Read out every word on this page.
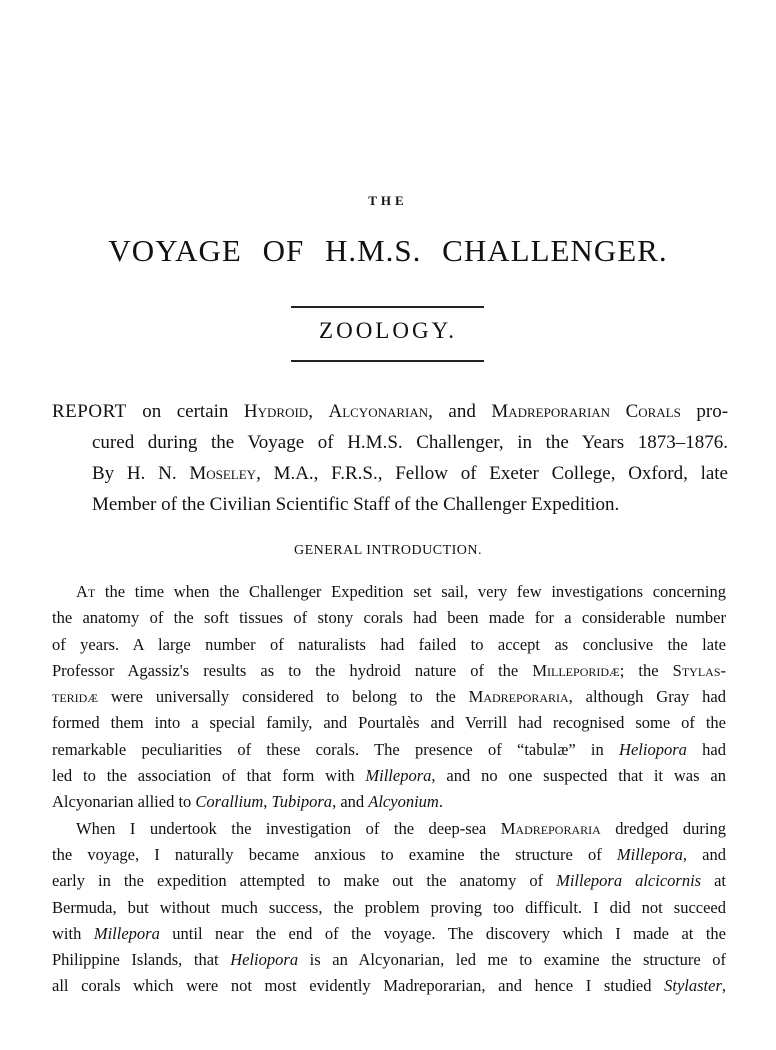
THE
VOYAGE OF H.M.S. CHALLENGER.
ZOOLOGY.
REPORT on certain Hydroid, Alcyonarian, and Madreporarian Corals pro-
cured during the Voyage of H.M.S. Challenger, in the Years 1873–1876.
By H. N. Moseley, M.A., F.R.S., Fellow of Exeter College, Oxford, late
Member of the Civilian Scientific Staff of the Challenger Expedition.
GENERAL INTRODUCTION.
At the time when the Challenger Expedition set sail, very few investigations concerning
the anatomy of the soft tissues of stony corals had been made for a considerable number
of years. A large number of naturalists had failed to accept as conclusive the late
Professor Agassiz's results as to the hydroid nature of the Milleporidæ; the Stylas-
teridæ were universally considered to belong to the Madreporaria, although Gray had
formed them into a special family, and Pourtalès and Verrill had recognised some of the
remarkable peculiarities of these corals. The presence of “tabulæ” in Heliopora had
led to the association of that form with Millepora, and no one suspected that it was an
Alcyonarian allied to Corallium, Tubipora, and Alcyonium.
When I undertook the investigation of the deep-sea Madreporaria dredged during
the voyage, I naturally became anxious to examine the structure of Millepora, and
early in the expedition attempted to make out the anatomy of Millepora alcicornis at
Bermuda, but without much success, the problem proving too difficult. I did not succeed
with Millepora until near the end of the voyage. The discovery which I made at the
Philippine Islands, that Heliopora is an Alcyonarian, led me to examine the structure of
all corals which were not most evidently Madreporarian, and hence I studied Stylaster,
